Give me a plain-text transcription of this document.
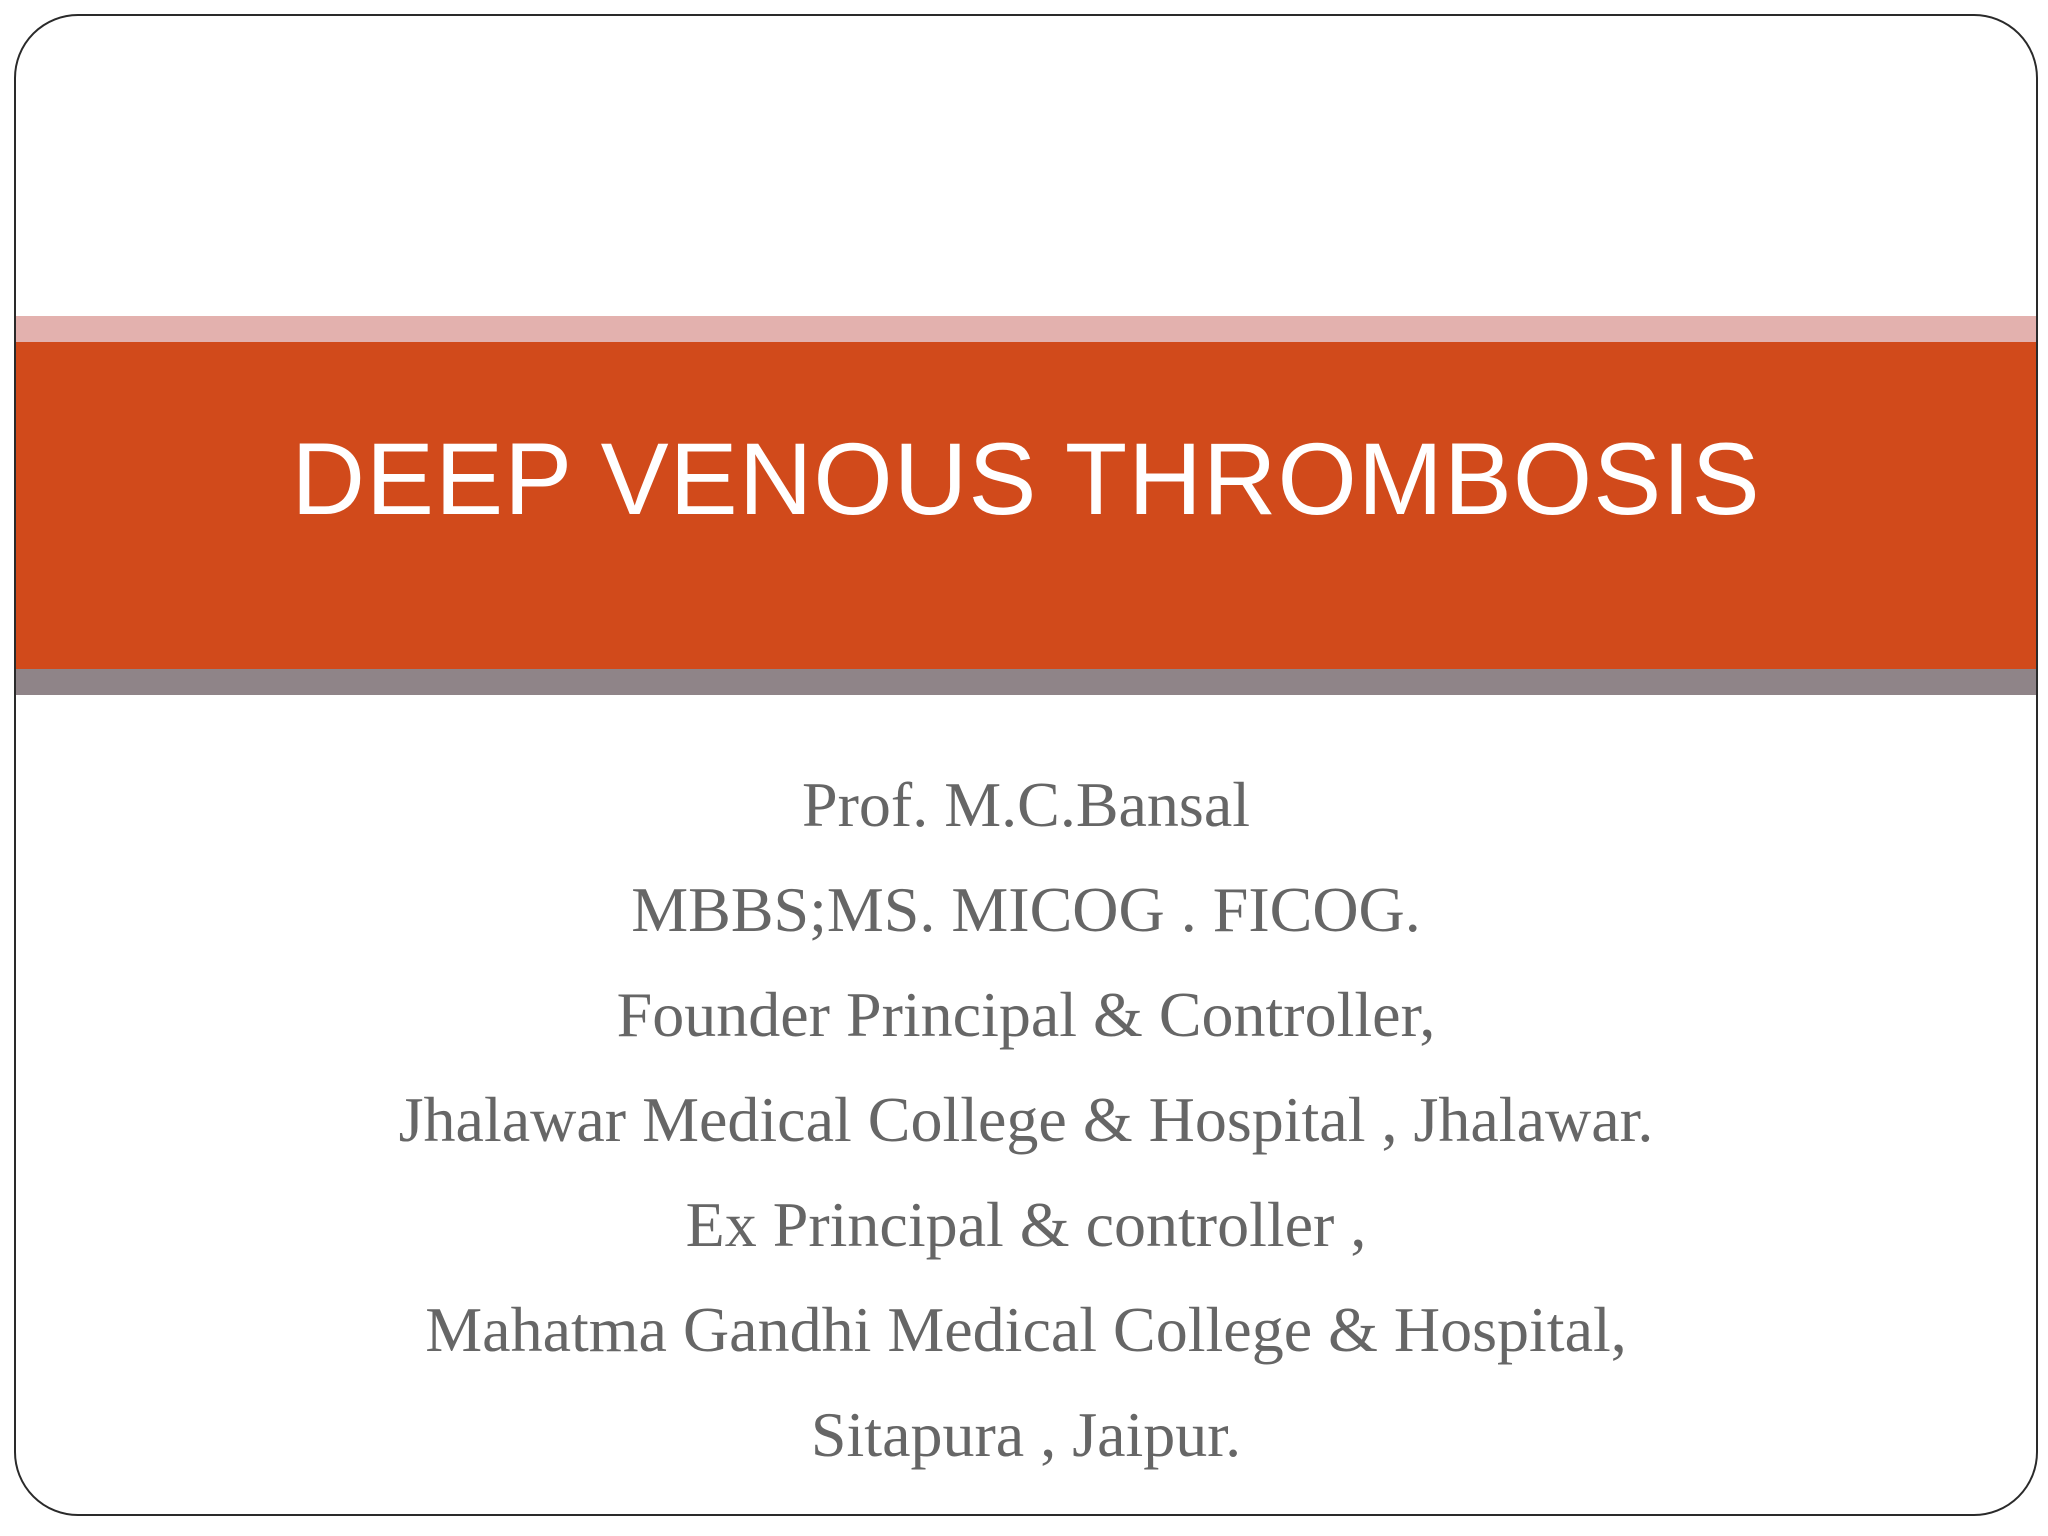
DEEP VENOUS THROMBOSIS
Prof. M.C.Bansal
MBBS;MS. MICOG . FICOG.
Founder Principal & Controller,
Jhalawar Medical College & Hospital , Jhalawar.
Ex Principal & controller ,
Mahatma Gandhi Medical College & Hospital,
Sitapura , Jaipur.
